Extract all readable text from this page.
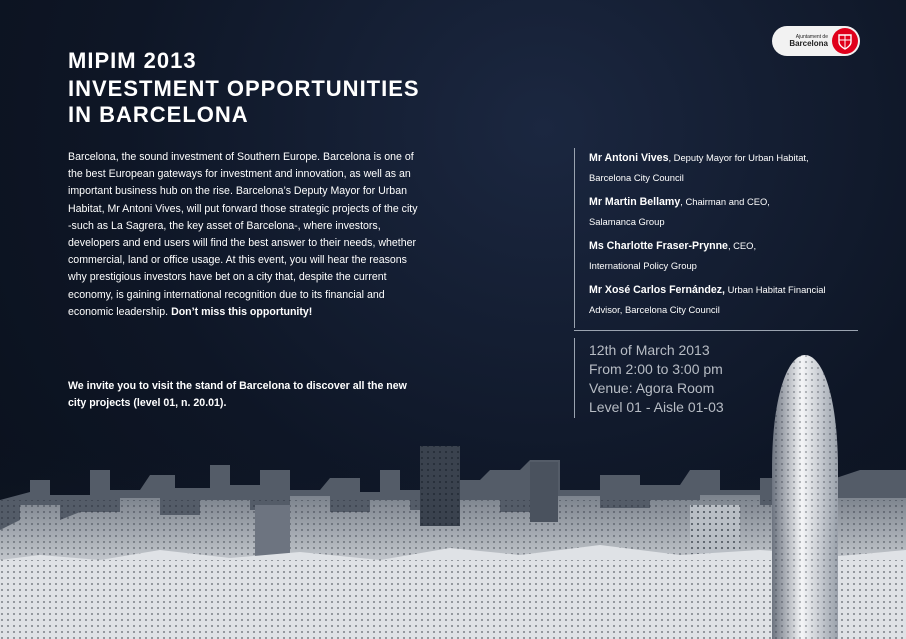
Ajuntament de
Barcelona
MIPIM 2013
INVESTMENT OPPORTUNITIES
IN BARCELONA

Barcelona, the sound investment of Southern Europe. Barcelona is one of the best European gateways for investment and innovation, as well as an important business hub on the rise. Barcelona’s Deputy Mayor for Urban Habitat, Mr Antoni Vives, will put forward those strategic projects of the city -such as La Sagrera, the key asset of Barcelona-, where investors, developers and end users will find the best answer to their needs, whether commercial, land or office usage. At this event, you will hear the reasons why prestigious investors have bet on a city that, despite the current economy, is gaining international recognition due to its financial and economic leadership. Don’t miss this opportunity!

We invite you to visit the stand of Barcelona to discover all the new city projects (level 01, n. 20.01).

Mr Antoni Vives, Deputy Mayor for Urban Habitat,
Barcelona City Council

Mr Martin Bellamy, Chairman and CEO,
Salamanca Group

Ms Charlotte Fraser-Prynne, CEO,
International Policy Group

Mr Xosé Carlos Fernández, Urban Habitat Financial
Advisor, Barcelona City Council

12th of March 2013

From 2:00 to 3:00 pm

Venue: Agora Room

Level 01 - Aisle 01-03
